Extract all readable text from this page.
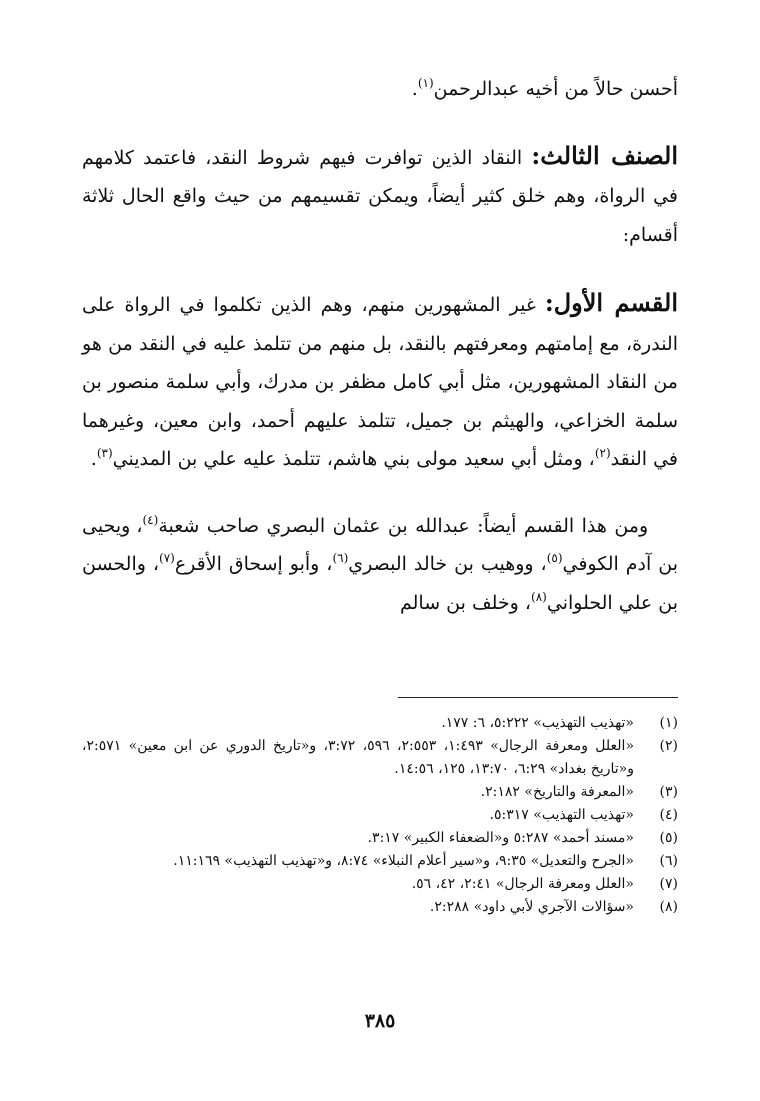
أحسن حالاً من أخيه عبدالرحمن$^{(١)}$.

الصنف الثالث: النقاد الذين توافرت فيهم شروط النقد، فاعتمد كلامهم في الرواة، وهم خلق كثير أيضاً، ويمكن تقسيمهم من حيث واقع الحال ثلاثة أقسام:

القسم الأول: غير المشهورين منهم، وهم الذين تكلموا في الرواة على الندرة، مع إمامتهم ومعرفتهم بالنقد، بل منهم من تتلمذ عليه في النقد من هو من النقاد المشهورين، مثل أبي كامل مظفر بن مدرك، وأبي سلمة منصور بن سلمة الخزاعي، والهيثم بن جميل، تتلمذ عليهم أحمد، وابن معين، وغيرهما في النقد$^{(٢)}$، ومثل أبي سعيد مولى بني هاشم، تتلمذ عليه علي بن المديني$^{(٣)}$.

ومن هذا القسم أيضاً: عبدالله بن عثمان البصري صاحب شعبة$^{(٤)}$، ويحيى بن آدم الكوفي$^{(٥)}$، ووهيب بن خالد البصري$^{(٦)}$، وأبو إسحاق الأقرع$^{(٧)}$، والحسن بن علي الحلواني$^{(٨)}$، وخلف بن سالم

(١)
«تهذيب التهذيب» ٥:٢٢٢، ٦: ١٧٧.
(٢)
«العلل ومعرفة الرجال» ١:٤٩٣، ٢:٥٥٣، ٥٩٦، ٣:٧٢، و«تاريخ الدوري عن ابن معين» ٢:٥٧١، و«تاريخ بغداد» ٦:٢٩، ١٣:٧٠، ١٢٥، ١٤:٥٦.
(٣)
«المعرفة والتاريخ» ٢:١٨٢.
(٤)
«تهذيب التهذيب» ٥:٣١٧.
(٥)
«مسند أحمد» ٥:٢٨٧ و«الضعفاء الكبير» ٣:١٧.
(٦)
«الجرح والتعديل» ٩:٣٥، و«سير أعلام النبلاء» ٨:٧٤، و«تهذيب التهذيب» ١١:١٦٩.
(٧)
«العلل ومعرفة الرجال» ٢:٤١، ٤٢، ٥٦.
(٨)
«سؤالات الآجري لأبي داود» ٢:٢٨٨.
٣٨٥
